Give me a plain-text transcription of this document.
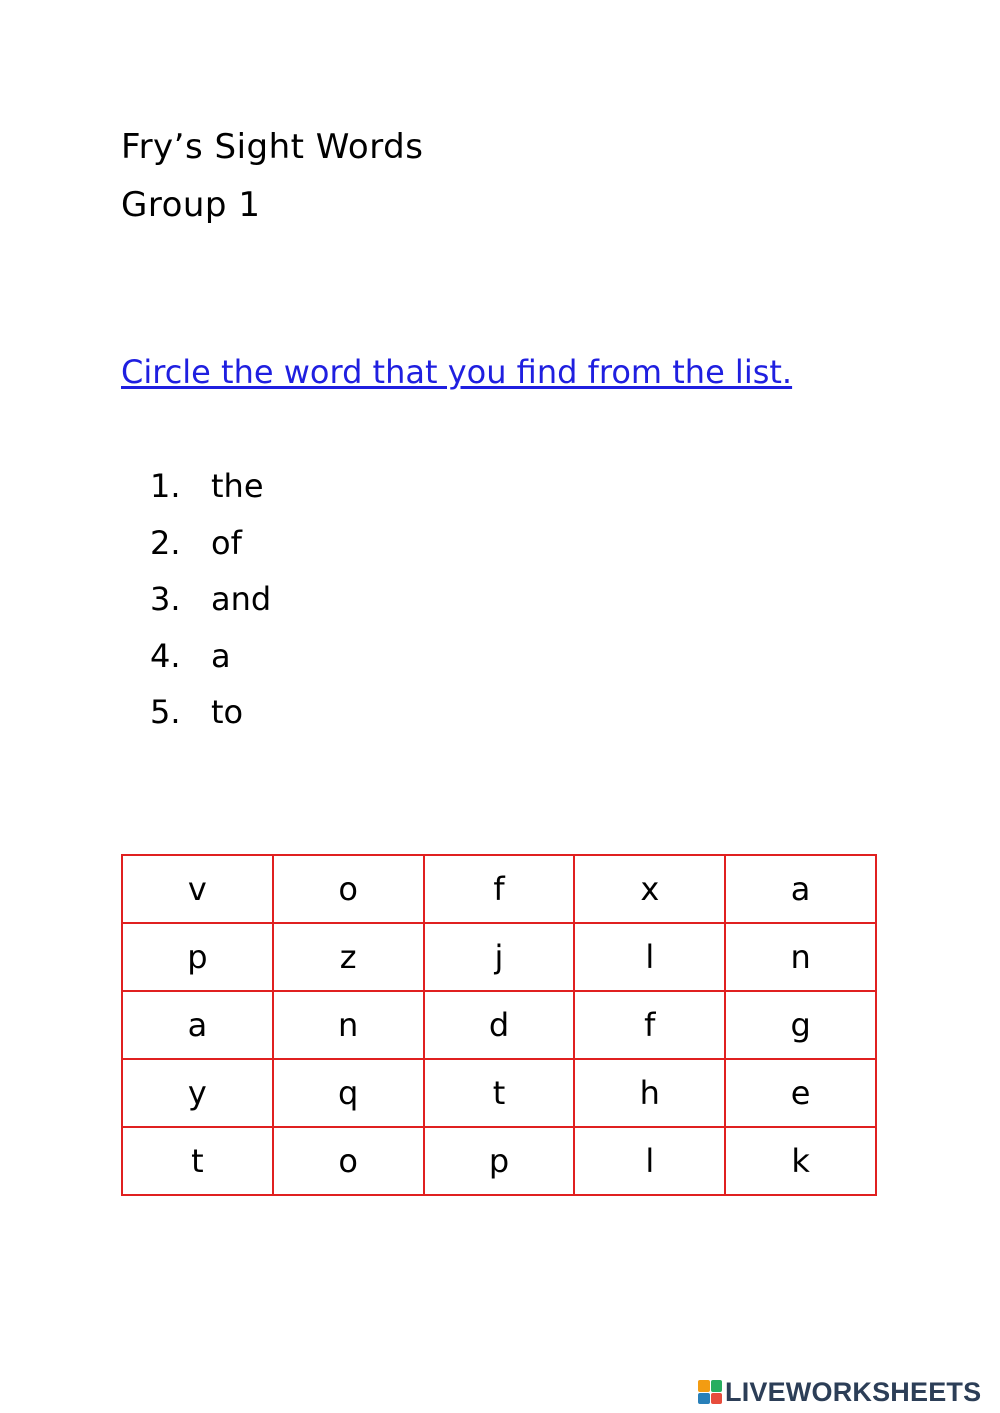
Fry’s Sight Words
Group 1
Circle the word that you find from the list.
1. the
2. of
3. and
4. a
5. to
v	o	f	x	a
p	z	j	l	n
a	n	d	f	g
y	q	t	h	e
t	o	p	l	k
LIVEWORKSHEETS
